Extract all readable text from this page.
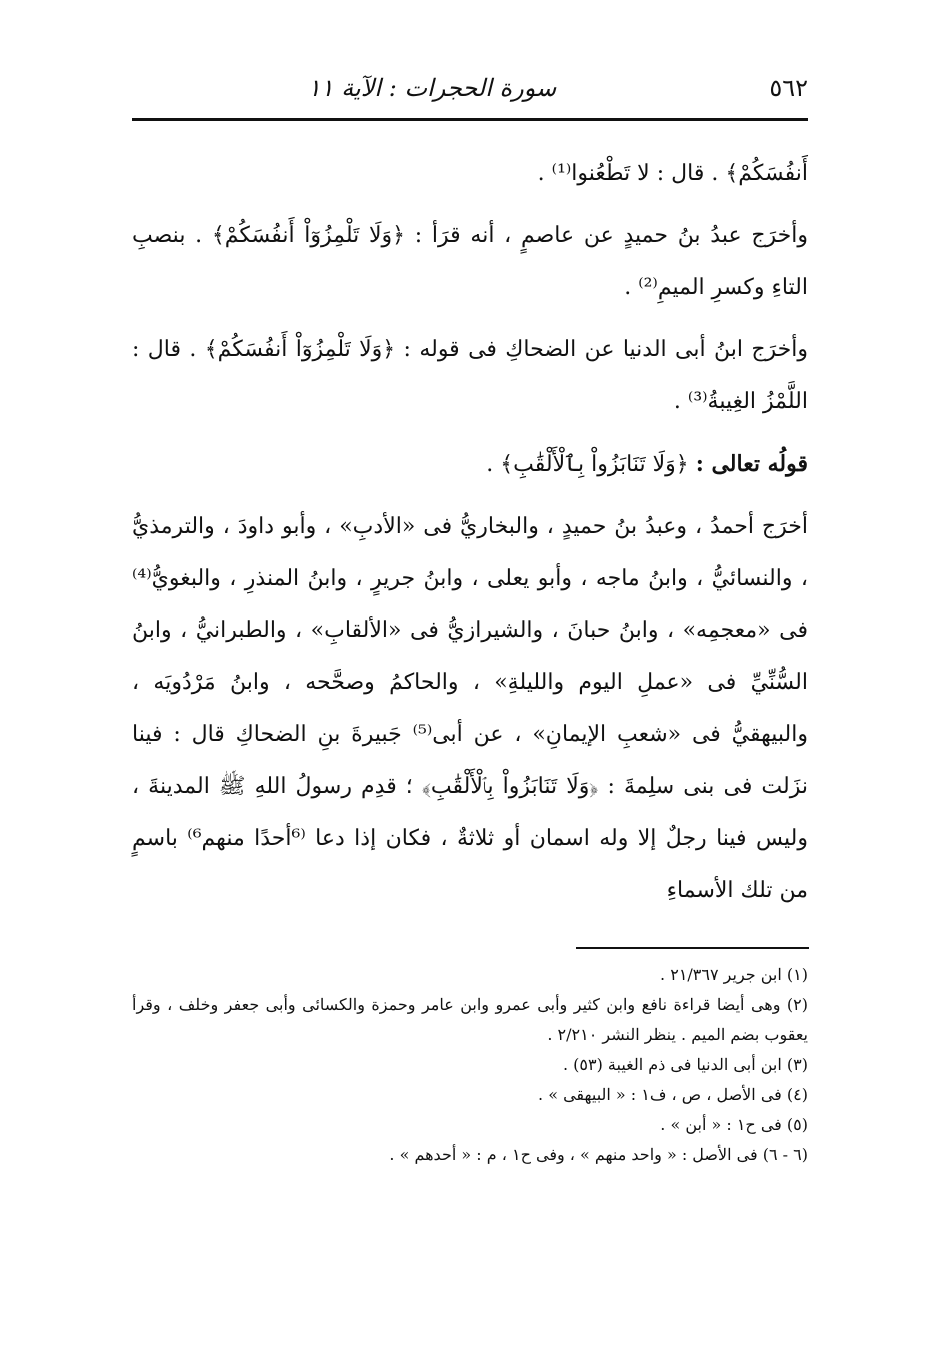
٥٦٢
سورة الحجرات : الآية ١١

أَنفُسَكُمْ﴾ . قال : لا تَطْعُنوا⁽¹⁾ .

وأخرَج عبدُ بنُ حميدٍ عن عاصمٍ ، أنه قرَأ : ﴿وَلَا تَلْمِزُوٓاْ أَنفُسَكُمْ﴾ . بنصبِ التاءِ وكسرِ الميمِ⁽²⁾ .

وأخرَج ابنُ أبى الدنيا عن الضحاكِ فى قوله : ﴿وَلَا تَلْمِزُوٓاْ أَنفُسَكُمْ﴾ . قال : اللَّمْزُ الغِيبةُ⁽³⁾ .

قولُه تعالى : ﴿وَلَا تَنَابَزُواْ بِٱلْأَلْقَٰبِ﴾ .

أخرَج أحمدُ ، وعبدُ بنُ حميدٍ ، والبخاريُّ فى «الأدبِ» ، وأبو داودَ ، والترمذيُّ ، والنسائيُّ ، وابنُ ماجه ، وأبو يعلى ، وابنُ جريرٍ ، وابنُ المنذرِ ، والبغويُّ⁽⁴⁾ فى «معجمِه» ، وابنُ حبانَ ، والشيرازيُّ فى «الألقابِ» ، والطبرانيُّ ، وابنُ السُّنِّيِّ فى «عملِ اليوم والليلةِ» ، والحاكمُ وصحَّحه ، وابنُ مَرْدُويَه ، والبيهقيُّ فى «شعبِ الإيمانِ» ، عن أبى⁽⁵⁾ جَبيرةَ بنِ الضحاكِ قال : فينا نزَلت فى بنى سلِمةَ : ﴿وَلَا تَنَابَزُواْ بِٱلْأَلْقَٰبِ﴾ ؛ قدِم رسولُ اللهِ ﷺ المدينةَ ، وليس فينا رجلٌ إلا وله اسمان أو ثلاثةٌ ، فكان إذا دعا ⁽⁶أحدًا منهم⁶⁾ باسمٍ من تلك الأسماءِ

(١) ابن جرير ٢١/٣٦٧ .

(٢) وهى أيضا قراءة نافع وابن كثير وأبى عمرو وابن عامر وحمزة والكسائى وأبى جعفر وخلف ، وقرأ يعقوب بضم الميم . ينظر النشر ٢/٢١٠ .

(٣) ابن أبى الدنيا فى ذم الغيبة (٥٣) .

(٤) فى الأصل ، ص ، ف١ : « البيهقى » .

(٥) فى ح١ : « أبن » .

(٦ - ٦) فى الأصل : « واحد منهم » ، وفى ح١ ، م : « أحدهم » .
